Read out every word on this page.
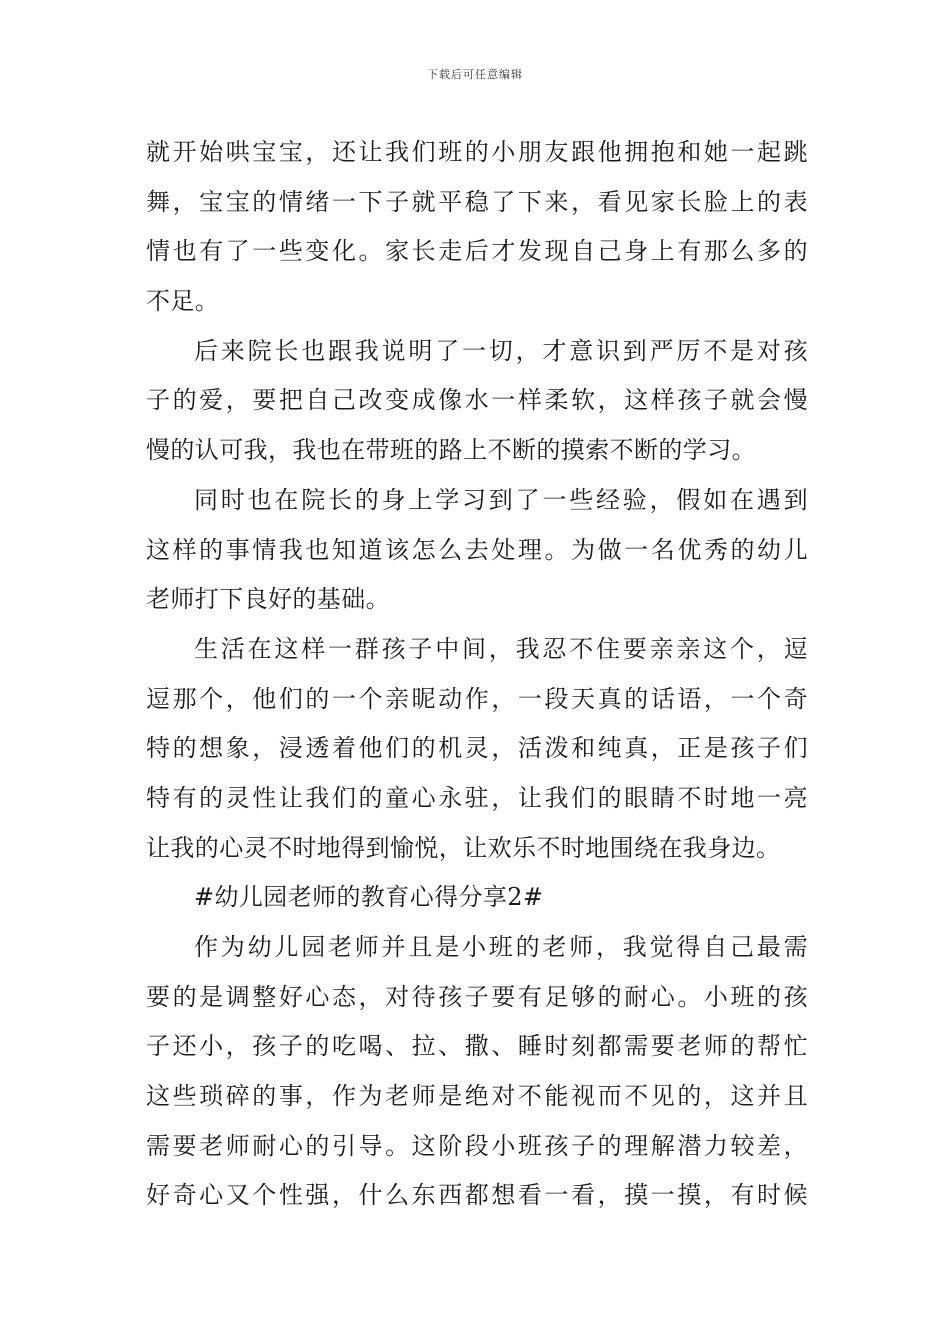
下载后可任意编辑
就开始哄宝宝，还让我们班的小朋友跟他拥抱和她一起跳
舞，宝宝的情绪一下子就平稳了下来，看见家长脸上的表
情也有了一些变化。家长走后才发现自己身上有那么多的
不足。
后来院长也跟我说明了一切，才意识到严厉不是对孩
子的爱，要把自己改变成像水一样柔软，这样孩子就会慢
慢的认可我，我也在带班的路上不断的摸索不断的学习。
同时也在院长的身上学习到了一些经验，假如在遇到
这样的事情我也知道该怎么去处理。为做一名优秀的幼儿
老师打下良好的基础。
生活在这样一群孩子中间，我忍不住要亲亲这个，逗
逗那个，他们的一个亲昵动作，一段天真的话语，一个奇
特的想象，浸透着他们的机灵，活泼和纯真，正是孩子们
特有的灵性让我们的童心永驻，让我们的眼睛不时地一亮
让我的心灵不时地得到愉悦，让欢乐不时地围绕在我身边。
#幼儿园老师的教育心得分享2#
作为幼儿园老师并且是小班的老师，我觉得自己最需
要的是调整好心态，对待孩子要有足够的耐心。小班的孩
子还小，孩子的吃喝、拉、撒、睡时刻都需要老师的帮忙
这些琐碎的事，作为老师是绝对不能视而不见的，这并且
需要老师耐心的引导。这阶段小班孩子的理解潜力较差，
好奇心又个性强，什么东西都想看一看，摸一摸，有时候
